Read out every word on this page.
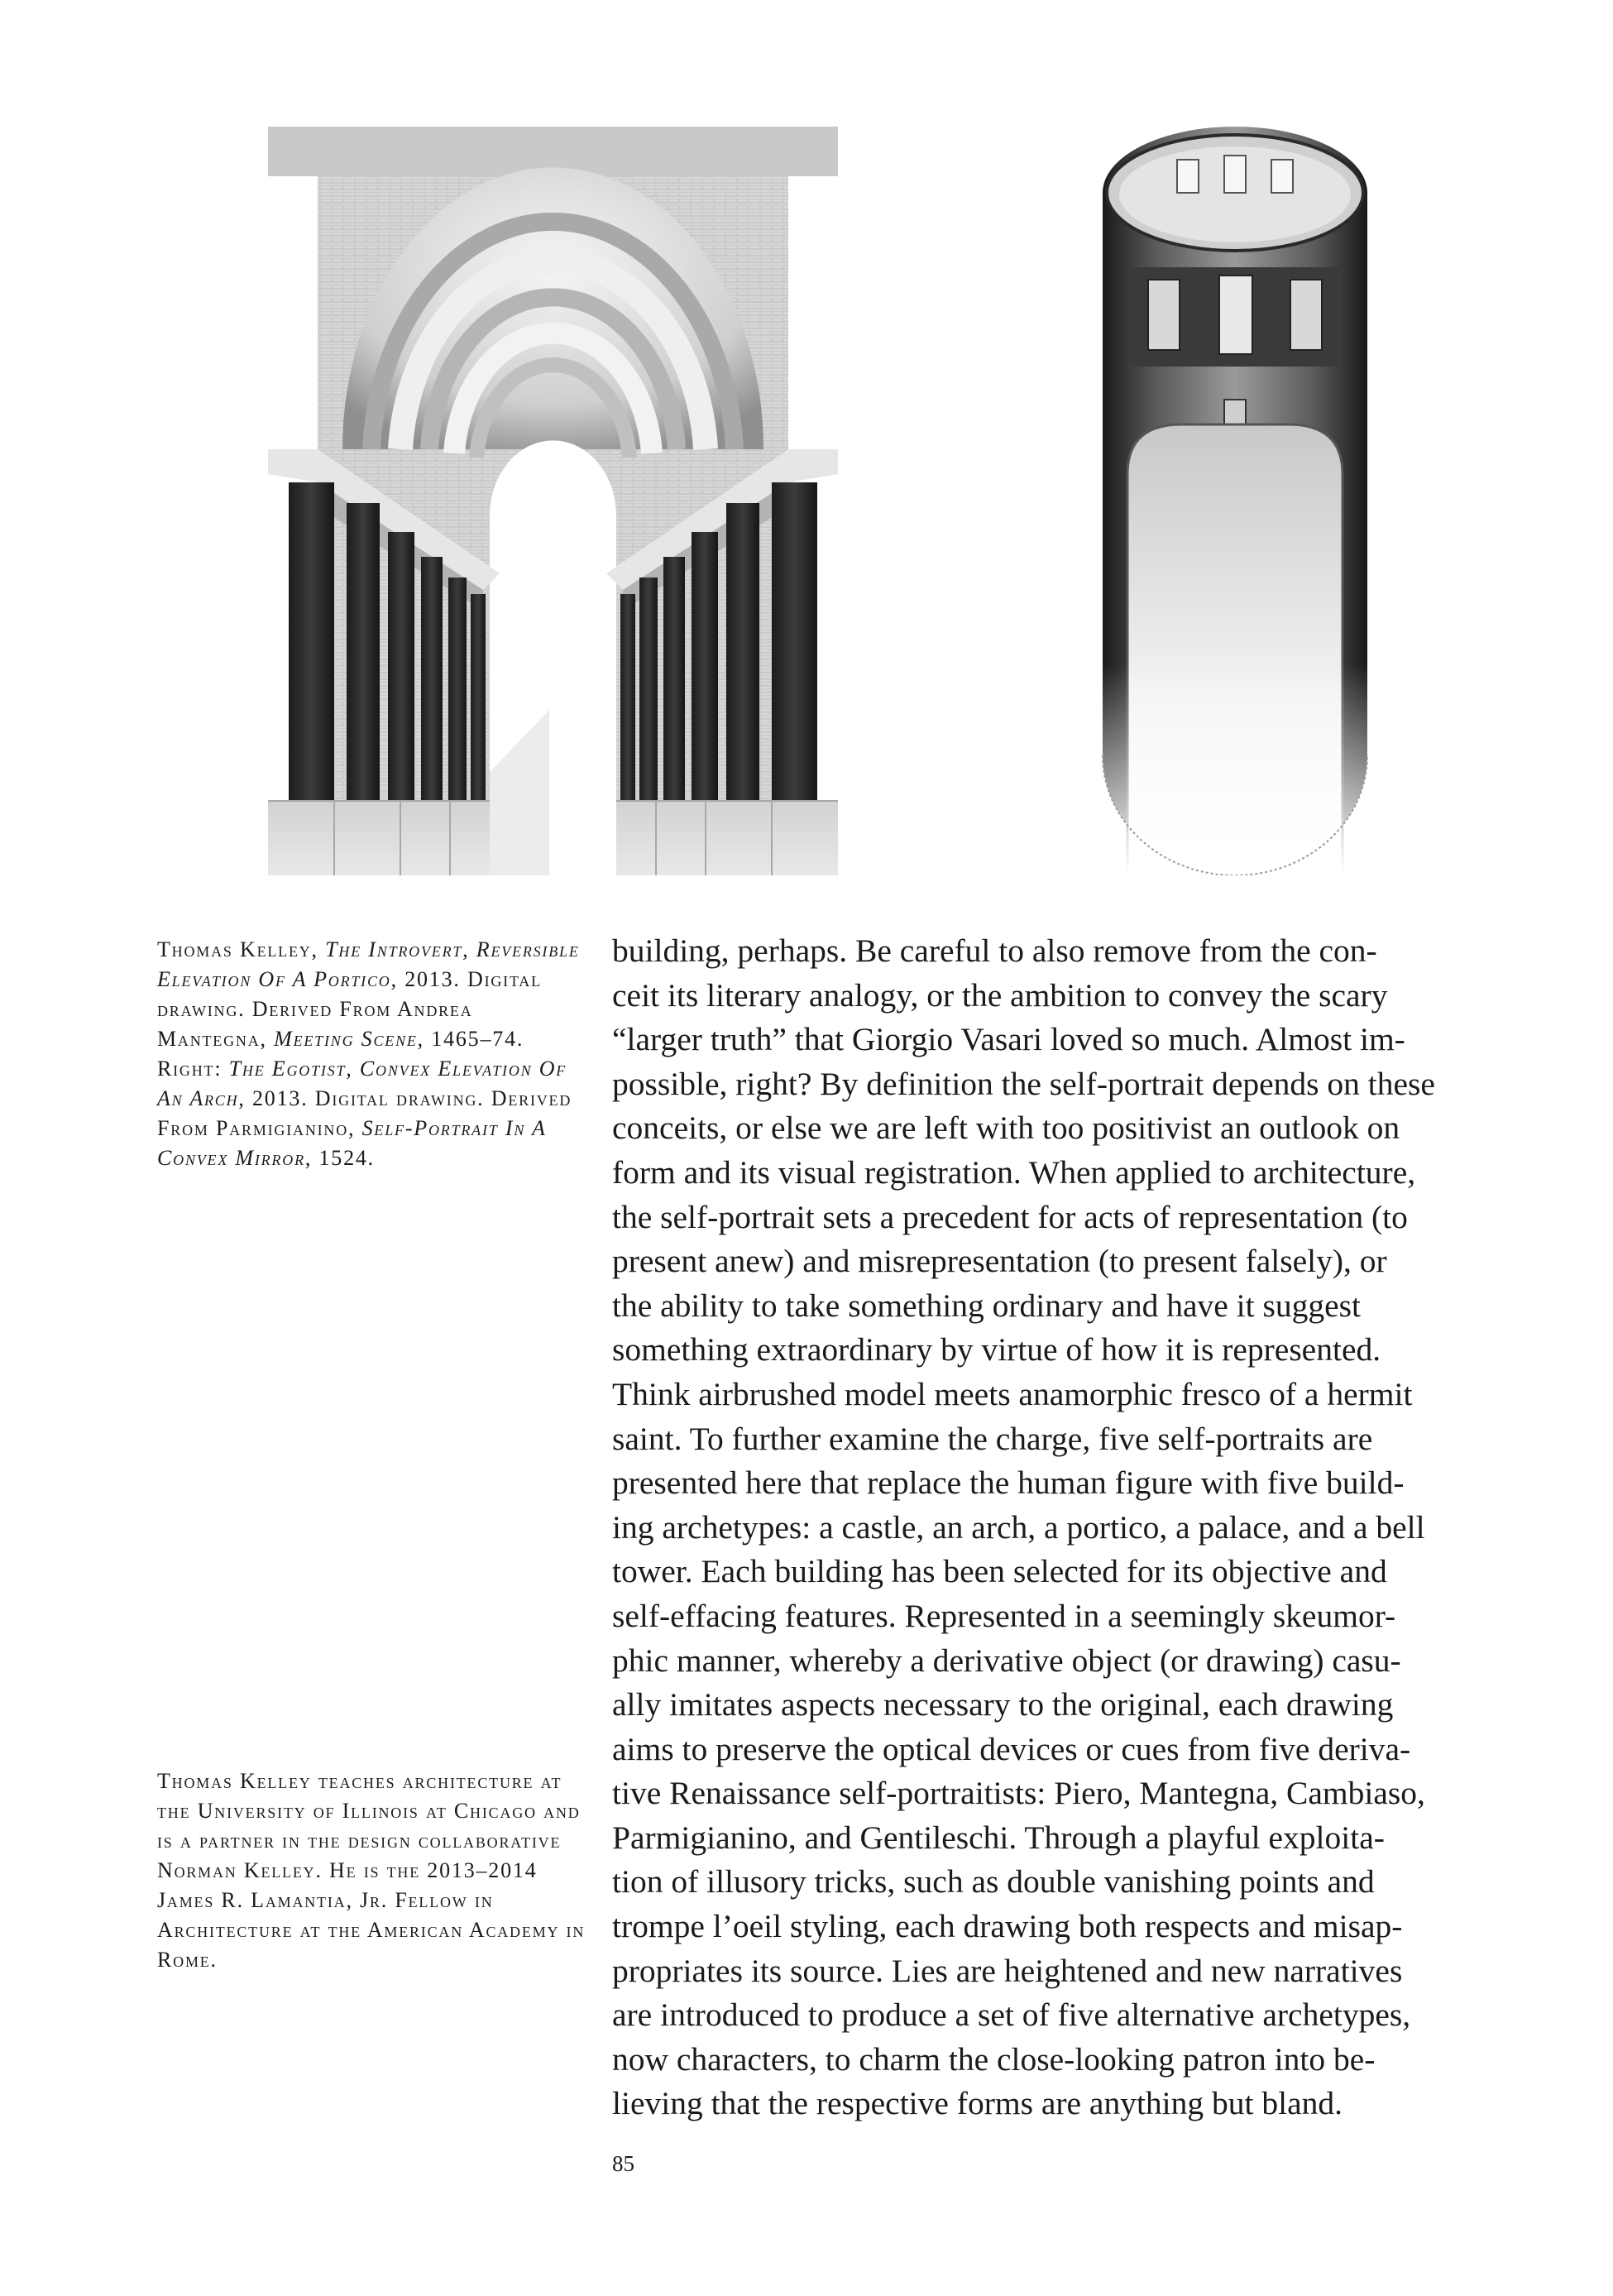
Thomas Kelley, The Introvert, Reversible Elevation Of A Portico, 2013. Digital drawing. Derived From Andrea Mantegna, Meeting Scene, 1465–74. Right: The Egotist, Convex Elevation Of An Arch, 2013. Digital drawing. Derived From Parmigianino, Self-Portrait In A Convex Mirror, 1524.
Thomas Kelley teaches architecture at the University of Illinois at Chicago and is a partner in the design collaborative Norman Kelley. He is the 2013–2014 James R. Lamantia, Jr. Fellow in Architecture at the American Academy in Rome.
building, perhaps. Be careful to also remove from the con-
ceit its literary analogy, or the ambition to convey the scary
“larger truth” that Giorgio Vasari loved so much. Almost im-
possible, right? By definition the self-portrait depends on these
conceits, or else we are left with too positivist an outlook on
form and its visual registration. When applied to architecture,
the self-portrait sets a precedent for acts of representation (to
present anew) and misrepresentation (to present falsely), or
the ability to take something ordinary and have it suggest
something extraordinary by virtue of how it is represented.
Think airbrushed model meets anamorphic fresco of a hermit
saint. To further examine the charge, five self-portraits are
presented here that replace the human figure with five build-
ing archetypes: a castle, an arch, a portico, a palace, and a bell
tower. Each building has been selected for its objective and
self-effacing features. Represented in a seemingly skeumor-
phic manner, whereby a derivative object (or drawing) casu-
ally imitates aspects necessary to the original, each drawing
aims to preserve the optical devices or cues from five deriva-
tive Renaissance self-portraitists: Piero, Mantegna, Cambiaso,
Parmigianino, and Gentileschi. Through a playful exploita-
tion of illusory tricks, such as double vanishing points and
trompe l’oeil styling, each drawing both respects and misap-
propriates its source. Lies are heightened and new narratives
are introduced to produce a set of five alternative archetypes,
now characters, to charm the close-looking patron into be-
lieving that the respective forms are anything but bland.
85
